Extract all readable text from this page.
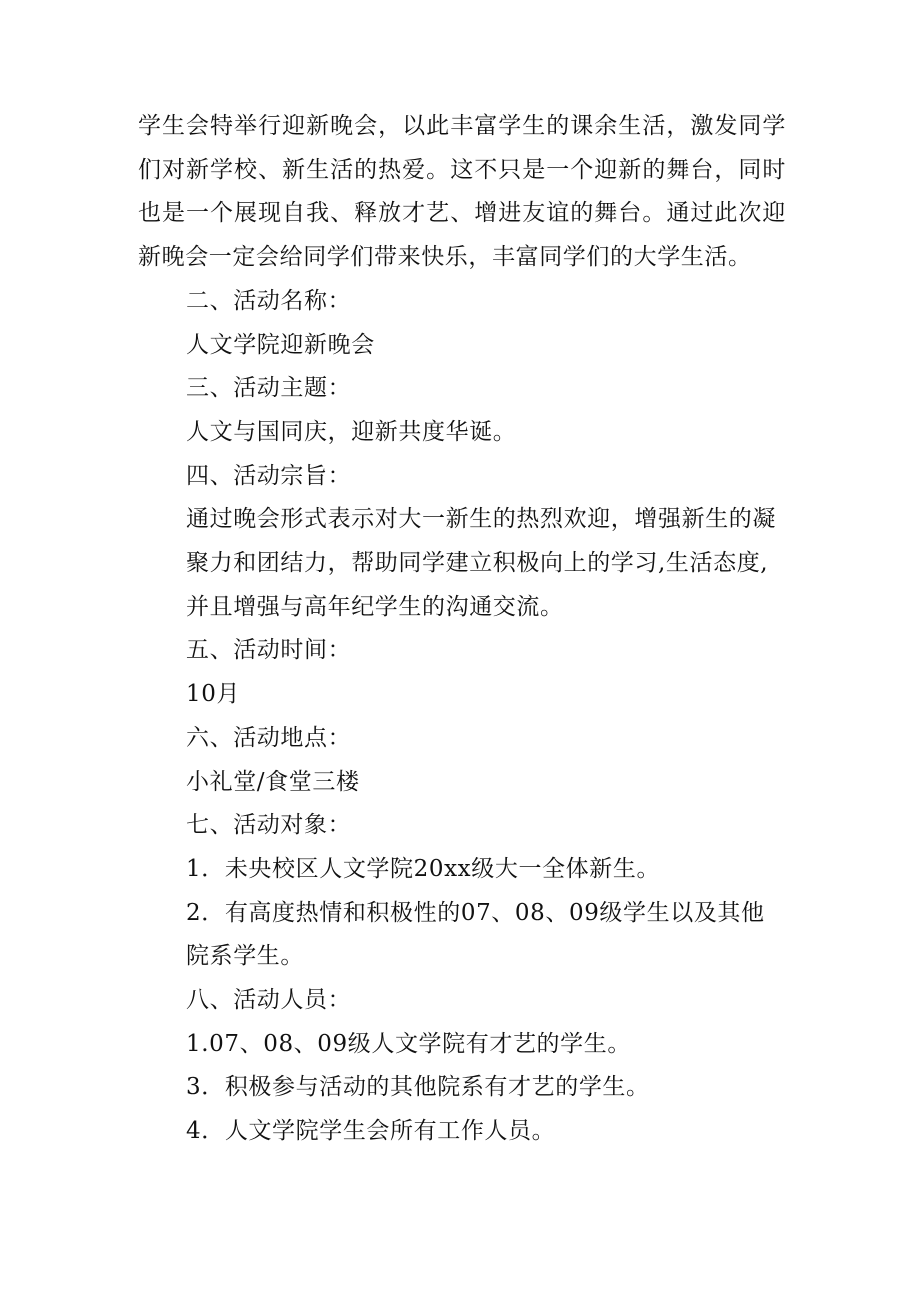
学生会特举行迎新晚会，以此丰富学生的课余生活，激发同学们对新学校、新生活的热爱。这不只是一个迎新的舞台，同时也是一个展现自我、释放才艺、增进友谊的舞台。通过此次迎新晚会一定会给同学们带来快乐，丰富同学们的大学生活。

二、活动名称：

人文学院迎新晚会

三、活动主题：

人文与国同庆，迎新共度华诞。

四、活动宗旨：

通过晚会形式表示对大一新生的热烈欢迎，增强新生的凝聚力和团结力，帮助同学建立积极向上的学习,生活态度,并且增强与高年纪学生的沟通交流。

五、活动时间：

10月

六、活动地点：

小礼堂/食堂三楼

七、活动对象：

1．未央校区人文学院20xx级大一全体新生。

2．有高度热情和积极性的07、08、09级学生以及其他院系学生。

八、活动人员：

1.07、08、09级人文学院有才艺的学生。

3．积极参与活动的其他院系有才艺的学生。

4．人文学院学生会所有工作人员。
